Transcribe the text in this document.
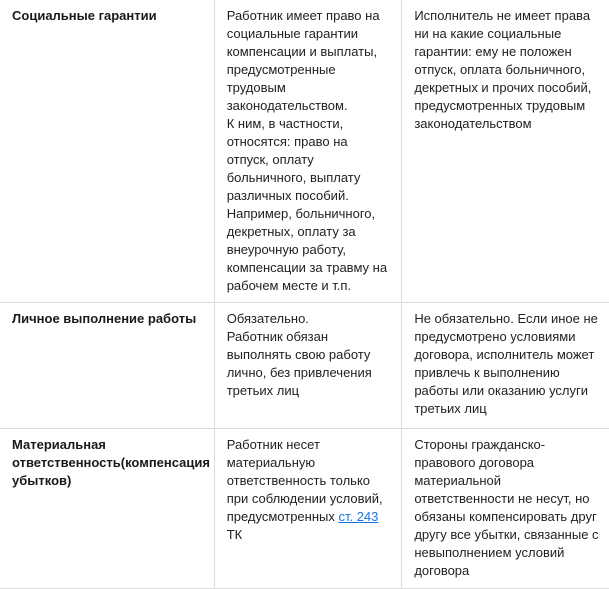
Социальные гарантии	Работник имеет право на социальные гарантии компенсации и выплаты, предусмотренные трудовым законодательством.

К ним, в частности, относятся: право на отпуск, оплату больничного, выплату различных пособий.

Например, больничного, декретных, оплату за внеурочную работу, компенсации за травму на рабочем месте и т.п.	Исполнитель не имеет права ни на какие социальные гарантии: ему не положен отпуск, оплата больничного, декретных и прочих пособий, предусмотренных трудовым законодательством
Личное выполнение работы	Обязательно.

Работник обязан выполнять свою работу лично, без привлечения третьих лиц	Не обязательно. Если иное не предусмотрено условиями договора, исполнитель может привлечь к выполнению работы или оказанию услуги третьих лиц
Материальная ответственность(компенсация убытков)	Работник несет материальную ответственность только при соблюдении условий, предусмотренных ст. 243 ТК	Стороны гражданско-правового договора материальной ответственности не несут, но обязаны компенсировать друг другу все убытки, связанные с невыполнением условий договора
